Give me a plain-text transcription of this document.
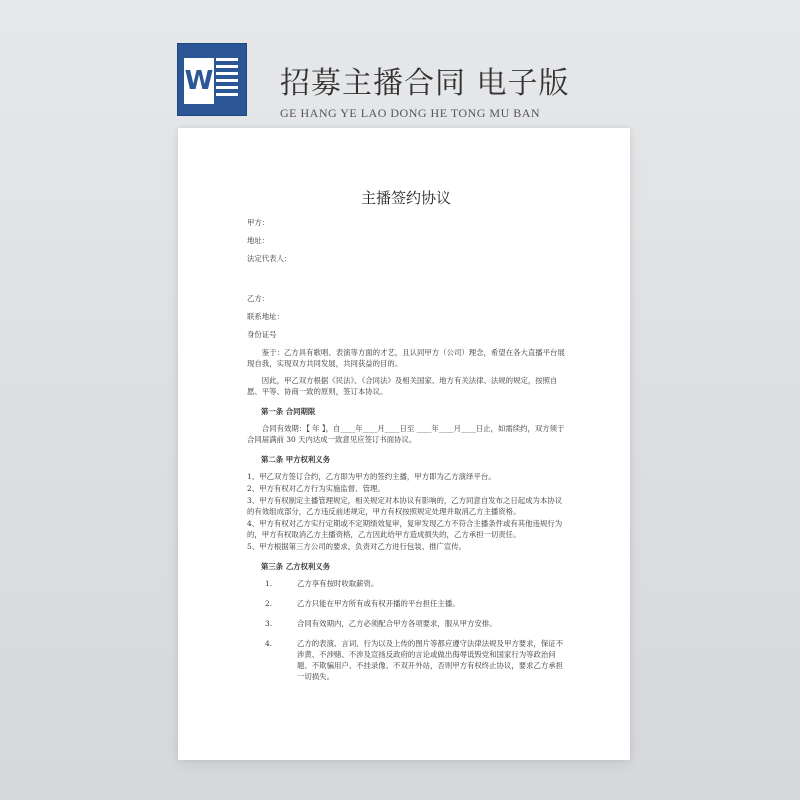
W 招募主播合同 电子版
GE HANG YE LAO DONG HE TONG MU BAN
主播签约协议
甲方：
地址：
法定代表人：
乙方：
联系地址：
身份证号
鉴于：乙方具有歌唱、表演等方面的才艺，且认同甲方（公司）理念，希望在各大直播平台展现自我，实现双方共同发展，共同获益的目的。
因此，甲乙双方根据《民法》、《合同法》及相关国家、地方有关法律、法规的规定，按照自愿、平等、协商一致的原则，签订本协议。
第一条 合同期限
合同有效期：【 年 】，自____年____月____日至 ____年____月____日止，如需续约，双方须于合同届满前 30 天内达成一致意见应签订书面协议。
第二条 甲方权利义务
1、甲乙双方签订合约，乙方即为甲方的签约主播，甲方即为乙方演绎平台。
2、甲方有权对乙方行为实施监督、管理。
3、甲方有权制定主播管理规定，相关规定对本协议有影响的，乙方同意自发布之日起成为本协议的有效组成部分，乙方违反前述规定，甲方有权按照规定处理并取消乙方主播资格。
4、甲方有权对乙方实行定期或不定期绩效复审，复审发现乙方不符合主播条件或有其他违规行为的，甲方有权取消乙方主播资格，乙方因此给甲方造成损失的，乙方承担一切责任。
5、甲方根据第三方公司的要求，负责对乙方进行包装、推广宣传。
第三条 乙方权利义务
1.	乙方享有按时收取薪资。
2.	乙方只能在甲方所有或有权开播的平台担任主播。
3.	合同有效期内，乙方必须配合甲方各项要求，服从甲方安排。
4.	乙方的表演、言词、行为以及上传的图片等都应遵守法律法规及甲方要求，保证不涉黄、不涉赌、不涉及宣扬反政府的言论或做出侮辱诋毁党和国家行为等政治问题、不欺骗用户、不挂录像、不双开外站，否则甲方有权终止协议，要求乙方承担一切损失。
